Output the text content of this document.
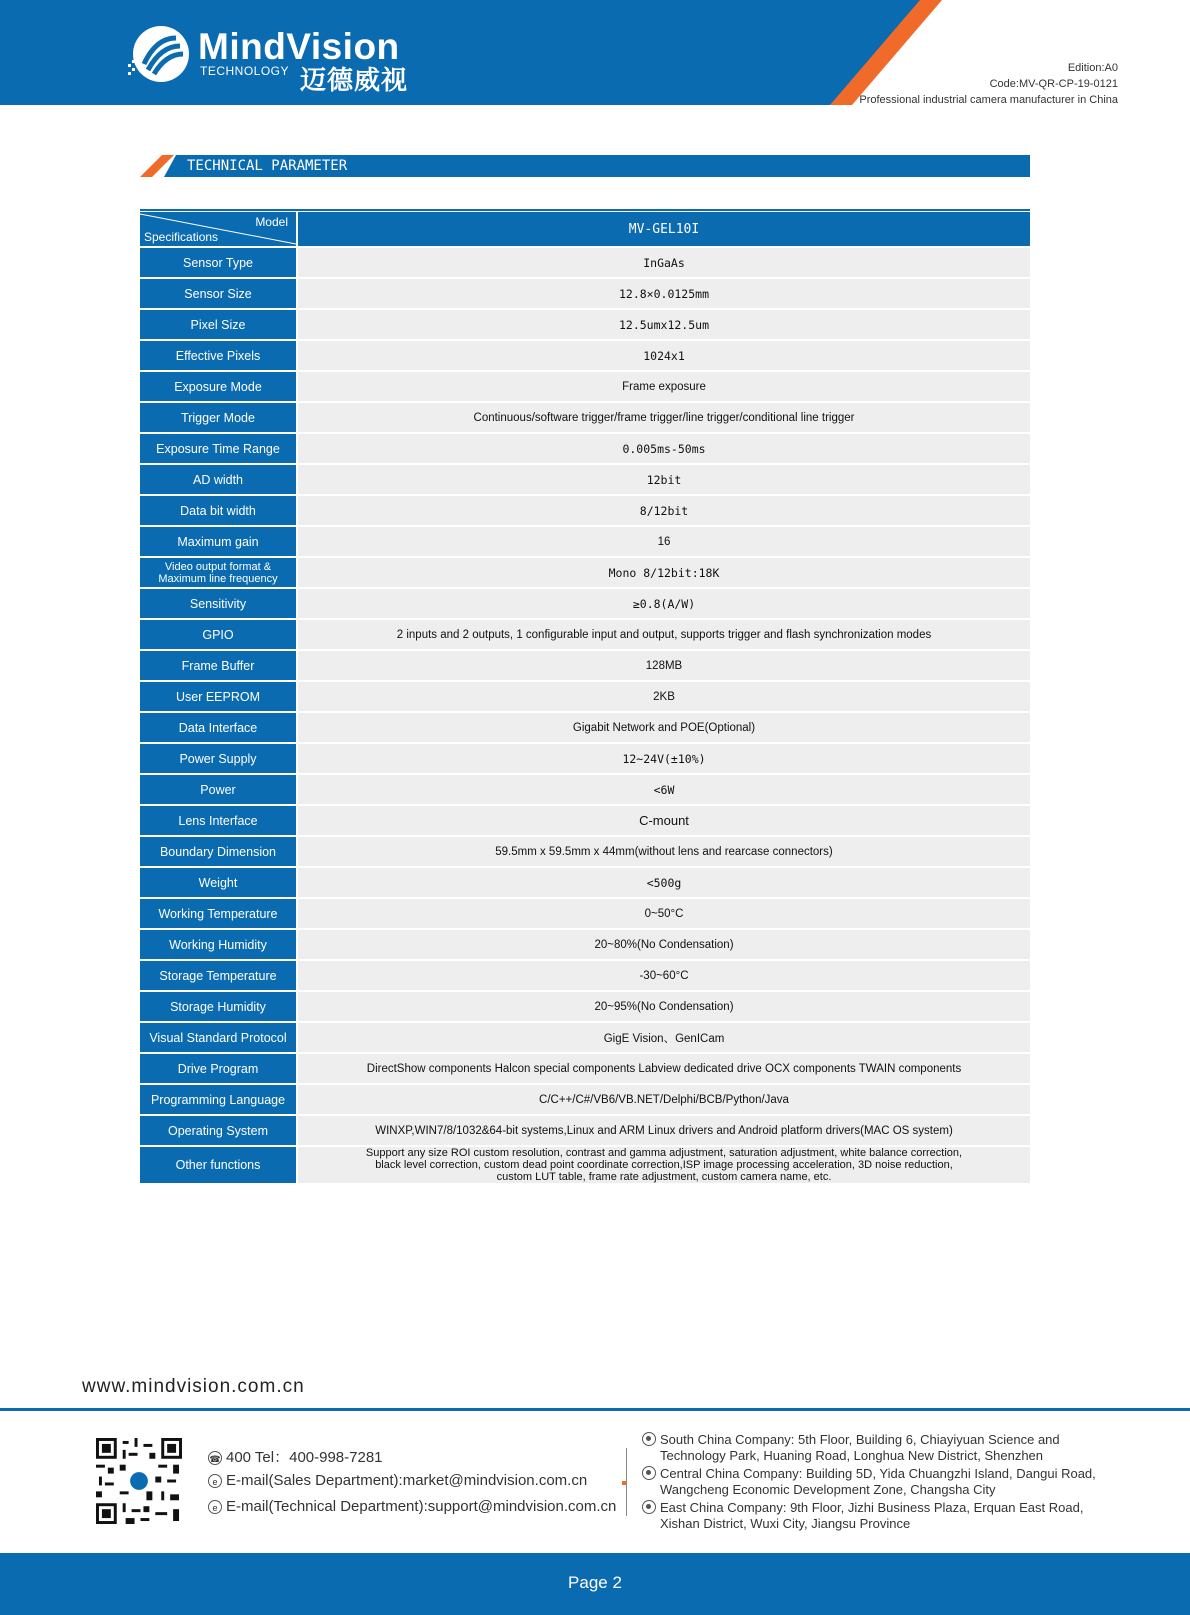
MindVision
TECHNOLOGY 迈德威视	Edition:A0
Code:MV-QR-CP-19-0121
Professional industrial camera manufacturer in China
TECHNICAL PARAMETER
Model
Specifications	MV-GEL10I
Sensor Type	InGaAs
Sensor Size	12.8×0.0125mm
Pixel Size	12.5umx12.5um
Effective Pixels	1024x1
Exposure Mode	Frame exposure
Trigger Mode	Continuous/software trigger/frame trigger/line trigger/conditional line trigger
Exposure Time Range	0.005ms-50ms
AD width	12bit
Data bit width	8/12bit
Maximum gain	16
Video output format & Maximum line frequency	Mono 8/12bit:18K
Sensitivity	≥0.8(A/W)
GPIO	2 inputs and 2 outputs, 1 configurable input and output, supports trigger and flash synchronization modes
Frame Buffer	128MB
User EEPROM	2KB
Data Interface	Gigabit Network and POE(Optional)
Power Supply	12~24V(±10%)
Power	<6W
Lens Interface	C-mount
Boundary Dimension	59.5mm x 59.5mm x 44mm(without lens and rearcase connectors)
Weight	<500g
Working Temperature	0~50°C
Working Humidity	20~80%(No Condensation)
Storage Temperature	-30~60°C
Storage Humidity	20~95%(No Condensation)
Visual Standard Protocol	GigE Vision、GenICam
Drive Program	DirectShow components Halcon special components Labview dedicated drive OCX components TWAIN components
Programming Language	C/C++/C#/VB6/VB.NET/Delphi/BCB/Python/Java
Operating System	WINXP,WIN7/8/1032&64-bit systems,Linux and ARM Linux drivers and Android platform drivers(MAC OS system)
Other functions	Support any size ROI custom resolution, contrast and gamma adjustment, saturation adjustment, white balance correction, black level correction, custom dead point coordinate correction,ISP image processing acceleration, 3D noise reduction, custom LUT table, frame rate adjustment, custom camera name, etc.
www.mindvision.com.cn
☎ 400 Tel：400-998-7281
e E-mail(Sales Department):market@mindvision.com.cn
e E-mail(Technical Department):support@mindvision.com.cn
South China Company: 5th Floor, Building 6, Chiayiyuan Science and Technology Park, Huaning Road, Longhua New District, Shenzhen
Central China Company: Building 5D, Yida Chuangzhi Island, Dangui Road, Wangcheng Economic Development Zone, Changsha City
East China Company: 9th Floor, Jizhi Business Plaza, Erquan East Road, Xishan District, Wuxi City, Jiangsu Province
Page 2
